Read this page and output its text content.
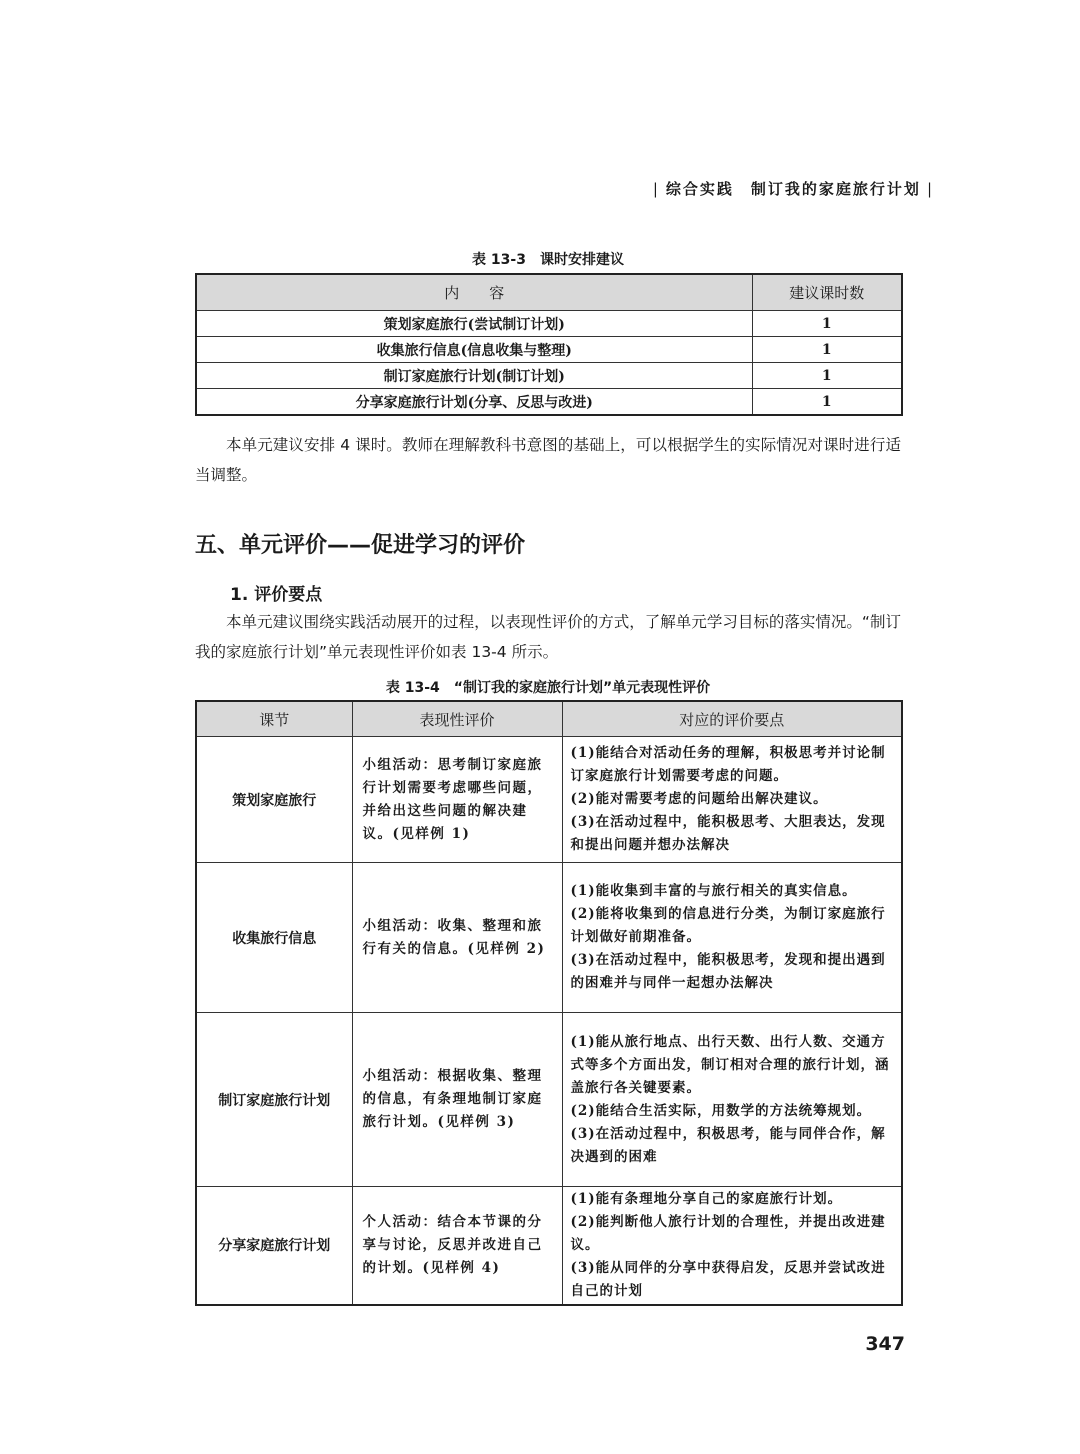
| 综合实践　 制订我的家庭旅行计划 |
表 13-3　课时安排建议
内　　容	建议课时数
策划家庭旅行(尝试制订计划)	1
收集旅行信息(信息收集与整理)	1
制订家庭旅行计划(制订计划)	1
分享家庭旅行计划(分享、反思与改进)	1

本单元建议安排 4 课时。教师在理解教科书意图的基础上，可以根据学生的实际情况对课时进行适当调整。

五、单元评价——促进学习的评价
1. 评价要点

本单元建议围绕实践活动展开的过程，以表现性评价的方式，了解单元学习目标的落实情况。“制订我的家庭旅行计划”单元表现性评价如表 13-4 所示。

表 13-4　“制订我的家庭旅行计划”单元表现性评价
课节	表现性评价	对应的评价要点
策划家庭旅行	小组活动：思考制订家庭旅行计划需要考虑哪些问题，并给出这些问题的解决建议。(见样例 1)	(1)能结合对活动任务的理解，积极思考并讨论制订家庭旅行计划需要考虑的问题。
(2)能对需要考虑的问题给出解决建议。
(3)在活动过程中，能积极思考、大胆表达，发现和提出问题并想办法解决

收集旅行信息	小组活动：收集、整理和旅行有关的信息。(见样例 2)	(1)能收集到丰富的与旅行相关的真实信息。
(2)能将收集到的信息进行分类，为制订家庭旅行计划做好前期准备。
(3)在活动过程中，能积极思考，发现和提出遇到的困难并与同伴一起想办法解决

制订家庭旅行计划	小组活动：根据收集、整理的信息，有条理地制订家庭旅行计划。(见样例 3)	(1)能从旅行地点、出行天数、出行人数、交通方式等多个方面出发，制订相对合理的旅行计划，涵盖旅行各关键要素。
(2)能结合生活实际，用数学的方法统筹规划。
(3)在活动过程中，积极思考，能与同伴合作，解决遇到的困难

分享家庭旅行计划	个人活动：结合本节课的分享与讨论，反思并改进自己的计划。(见样例 4)	(1)能有条理地分享自己的家庭旅行计划。
(2)能判断他人旅行计划的合理性，并提出改进建议。
(3)能从同伴的分享中获得启发，反思并尝试改进自己的计划
347
